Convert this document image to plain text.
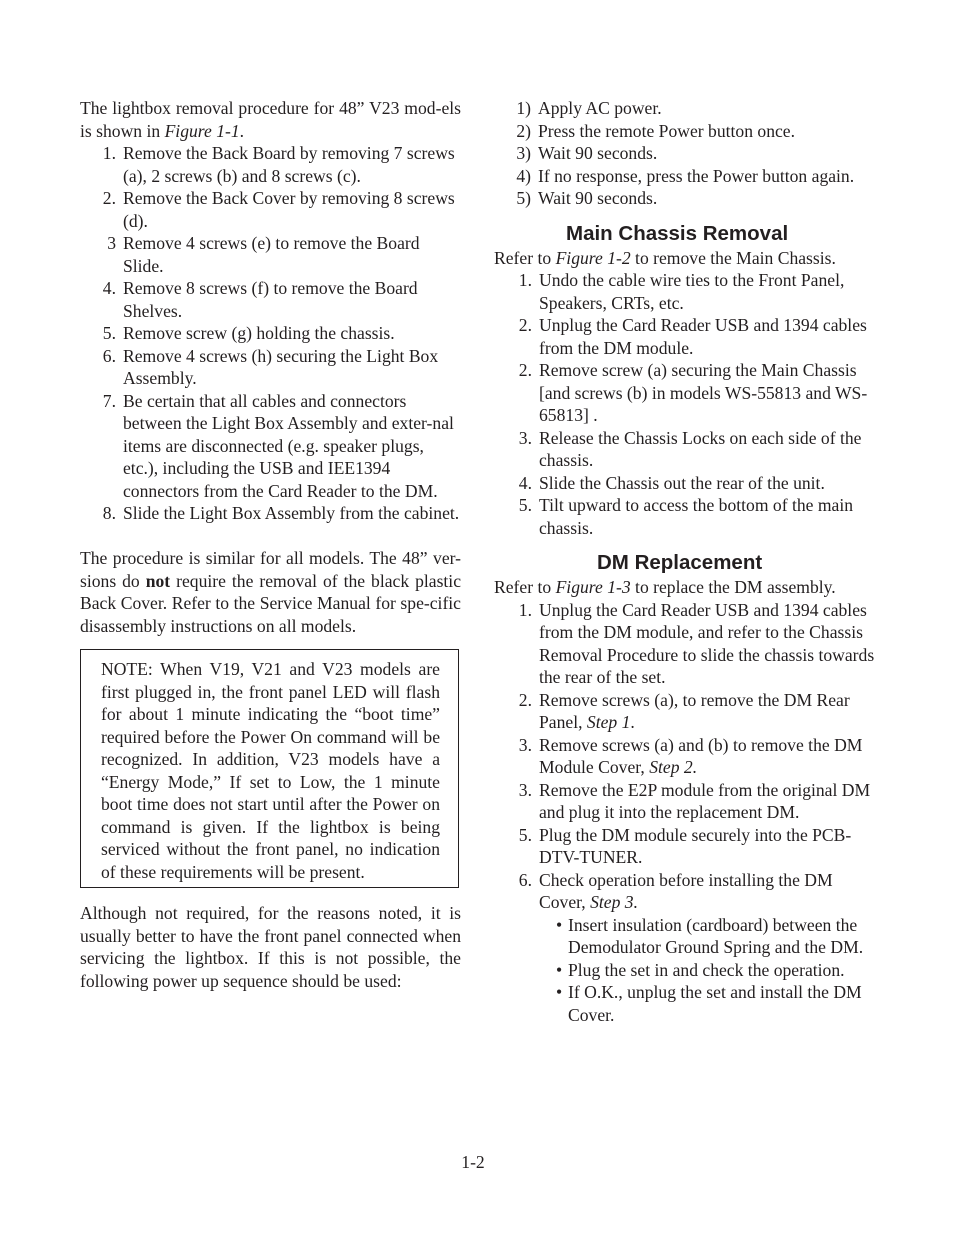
The lightbox removal procedure for 48” V23 mod-els is shown in Figure 1-1.

1. Remove the Back Board by removing 7 screws (a), 2 screws (b) and 8 screws (c).
2. Remove the Back Cover by removing 8 screws (d).
3 Remove 4 screws (e) to remove the Board Slide.
4. Remove 8 screws (f) to remove the Board Shelves.
5. Remove screw (g) holding the chassis.
6. Remove 4 screws (h) securing the Light Box Assembly.
7. Be certain that all cables and connectors between the Light Box Assembly and exter-nal items are disconnected (e.g. speaker plugs, etc.), including the USB and IEE1394 connectors from the Card Reader to the DM.
8. Slide the Light Box Assembly from the cabinet.

The procedure is similar for all models. The 48” ver-sions do not require the removal of the black plastic Back Cover. Refer to the Service Manual for spe-cific disassembly instructions on all models.

NOTE: When V19, V21 and V23 models are first plugged in, the front panel LED will flash for about 1 minute indicating the “boot time” required before the Power On command will be recognized. In addition, V23 models have a “Energy Mode,” If set to Low, the 1 minute boot time does not start until after the Power on command is given. If the lightbox is being serviced without the front panel, no indication of these requirements will be present.

Although not required, for the reasons noted, it is usually better to have the front panel connected when servicing the lightbox. If this is not possible, the following power up sequence should be used:

1) Apply AC power.
2) Press the remote Power button once.
3) Wait 90 seconds.
4) If no response, press the Power button again.
5) Wait 90 seconds.
Main Chassis Removal

Refer to Figure 1-2 to remove the Main Chassis.

1. Undo the cable wire ties to the Front Panel, Speakers, CRTs, etc.
2. Unplug the Card Reader USB and 1394 cables from the DM module.
2. Remove screw (a) securing the Main Chassis [and screws (b) in models WS-55813 and WS-65813] .
3. Release the Chassis Locks on each side of the chassis.
4. Slide the Chassis out the rear of the unit.
5. Tilt upward to access the bottom of the main chassis.
DM Replacement

Refer to Figure 1-3 to replace the DM assembly.

1. Unplug the Card Reader USB and 1394 cables from the DM module, and refer to the Chassis Removal Procedure to slide the chassis towards the rear of the set.
2. Remove screws (a), to remove the DM Rear Panel, Step 1.
3. Remove screws (a) and (b) to remove the DM Module Cover, Step 2.
3. Remove the E2P module from the original DM and plug it into the replacement DM.
5. Plug the DM module securely into the PCB-DTV-TUNER.
6. Check operation before installing the DM Cover, Step 3.
• Insert insulation (cardboard) between the Demodulator Ground Spring and the DM.
• Plug the set in and check the operation.
• If O.K., unplug the set and install the DM Cover.
1-2
